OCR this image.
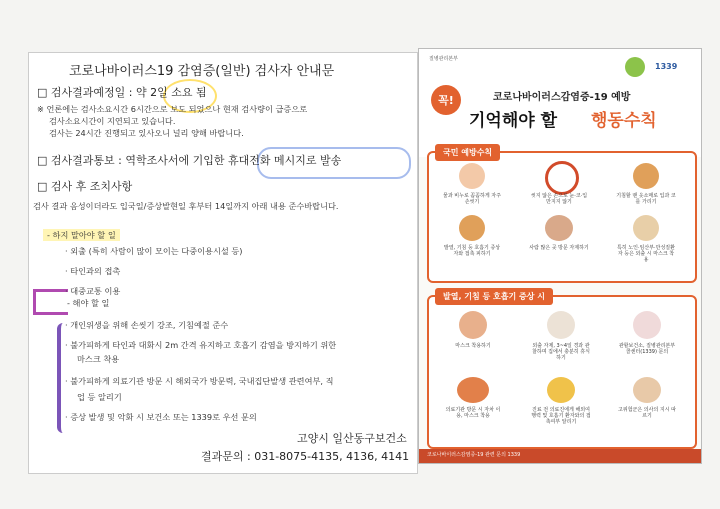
코로나바이러스19 감염증(일반) 검사자 안내문
□ 검사결과예정일 : 약 2일 소요 됨
※ 언론에는 검사소요시간 6시간으로 보도 되었으나 현재 검사량이 급증으로
검사소요시간이 지연되고 있습니다.
검사는 24시간 진행되고 있사오니 널리 양해 바랍니다.
□ 검사결과통보 : 역학조사서에 기입한 휴대전화 메시지로 발송
□ 검사 후 조치사항
검사 결과 음성이더라도 입국일/증상발현일 후부터 14일까지 아래 내용 준수바랍니다.
- 하지 말아야 할 일
· 외출 (특히 사람이 많이 모이는 다중이용시설 등)
· 타인과의 접촉
· 대중교통 이용
- 해야 할 일
· 개인위생을 위해 손씻기 강조, 기침예절 준수
· 불가피하게 타인과 대화시 2m 간격 유지하고 호흡기 감염을 방지하기 위한
마스크 착용
· 불가피하게 의료기관 방문 시 해외국가 방문력, 국내집단발생 관련여부, 직
업 등 알리기
· 증상 발생 및 악화 시 보건소 또는 1339로 우선 문의
고양시 일산동구보건소
결과문의 : 031-8075-4135, 4136, 4141
질병관리본부
1339
꼭!	코로나바이러스감염증-19 예방
기억해야 할 행동수칙
국민 예방수칙
물과 비누로 꼼꼼하게 자주 손씻기
씻지 않은 손으로 눈·코·입 만지지 않기
기침할 땐 옷소매로 입과 코를 가리기
발열, 기침 등 호흡기 증상자와 접촉 피하기
사람 많은 곳 방문 자제하기	특히 노인·임산부·만성질환자 등은 외출 시 마스크 착용
발열, 기침 등 호흡기 증상 시
마스크 착용하기	외출 자제, 3~4일 경과 관찰하며 집에서 충분히 휴식하기
관할보건소, 질병관리본부 콜센터(1339) 문의
의료기관 방문 시 자차 이용, 마스크 착용
진료 전 의료진에게 해외여행력 및 호흡기 환자와의 접촉여부 알리기
고위험군은 의사의 지시 따르기
코로나바이러스감염증-19 관련 문의 1339
